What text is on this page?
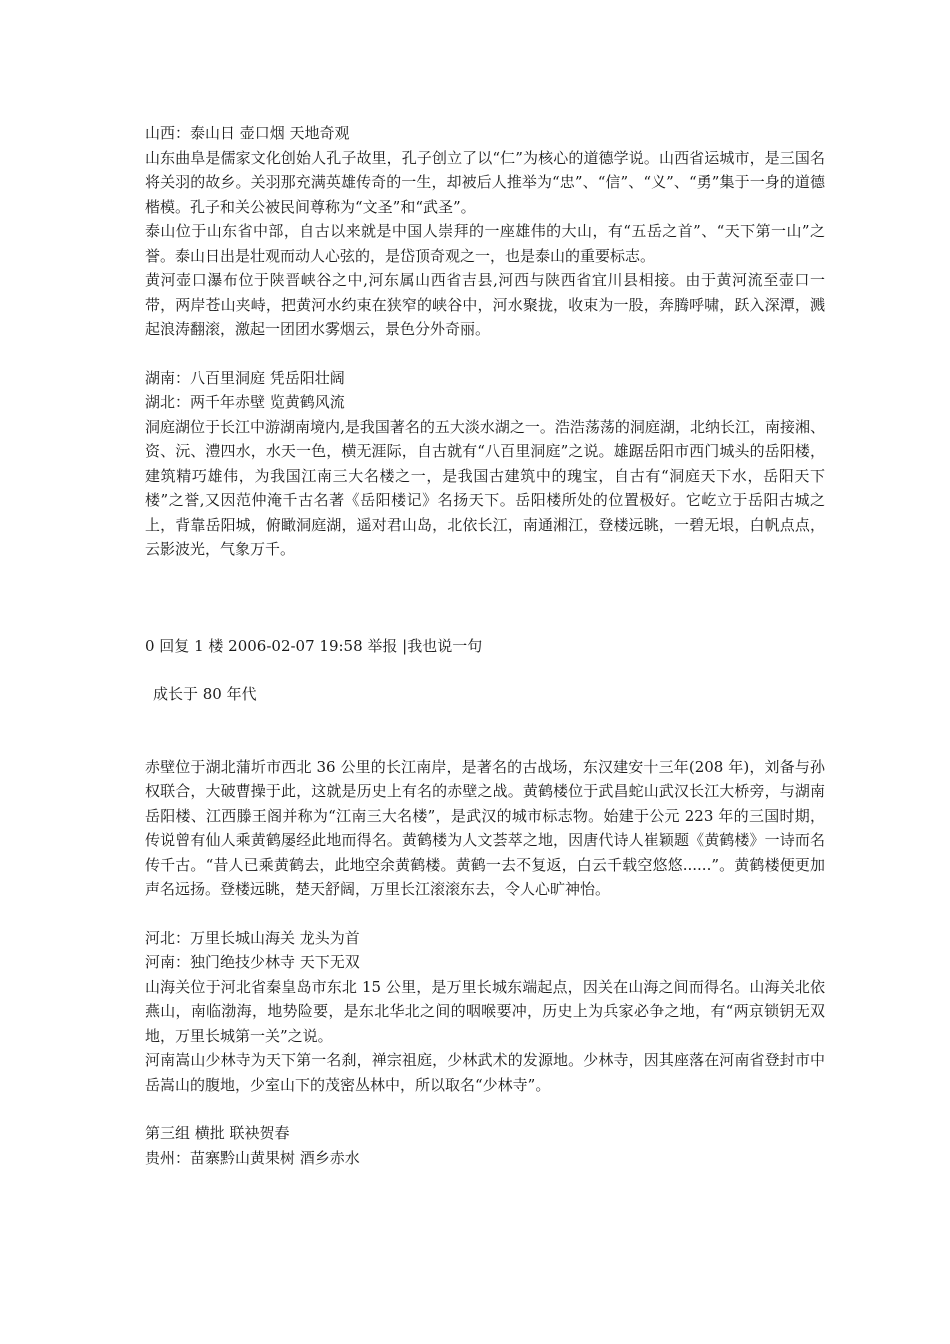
山西：泰山日 壶口烟 天地奇观

山东曲阜是儒家文化创始人孔子故里，孔子创立了以“仁”为核心的道德学说。山西省运城市，是三国名将关羽的故乡。关羽那充满英雄传奇的一生，却被后人推举为“忠”、“信”、“义”、“勇”集于一身的道德楷模。孔子和关公被民间尊称为“文圣”和“武圣”。

泰山位于山东省中部，自古以来就是中国人崇拜的一座雄伟的大山，有“五岳之首”、“天下第一山”之誉。泰山日出是壮观而动人心弦的，是岱顶奇观之一，也是泰山的重要标志。

黄河壶口瀑布位于陕晋峡谷之中,河东属山西省吉县,河西与陕西省宜川县相接。由于黄河流至壶口一带，两岸苍山夹峙，把黄河水约束在狭窄的峡谷中，河水聚拢，收束为一股，奔腾呼啸，跃入深潭，溅起浪涛翻滚，激起一团团水雾烟云，景色分外奇丽。

湖南：八百里洞庭 凭岳阳壮阔

湖北：两千年赤壁 览黄鹤风流

洞庭湖位于长江中游湖南境内,是我国著名的五大淡水湖之一。浩浩荡荡的洞庭湖，北纳长江，南接湘、资、沅、澧四水，水天一色，横无涯际，自古就有“八百里洞庭”之说。雄踞岳阳市西门城头的岳阳楼，建筑精巧雄伟，为我国江南三大名楼之一，是我国古建筑中的瑰宝，自古有“洞庭天下水，岳阳天下楼”之誉,又因范仲淹千古名著《岳阳楼记》名扬天下。岳阳楼所处的位置极好。它屹立于岳阳古城之上，背靠岳阳城，俯瞰洞庭湖，遥对君山岛，北依长江，南通湘江，登楼远眺，一碧无垠，白帆点点，云影波光，气象万千。

0 回复 1 楼 2006-02-07 19:58 举报 |我也说一句

成长于 80 年代

赤壁位于湖北蒲圻市西北 36 公里的长江南岸，是著名的古战场，东汉建安十三年(208 年)，刘备与孙权联合，大破曹操于此，这就是历史上有名的赤壁之战。黄鹤楼位于武昌蛇山武汉长江大桥旁，与湖南岳阳楼、江西滕王阁并称为“江南三大名楼”，是武汉的城市标志物。始建于公元 223 年的三国时期，传说曾有仙人乘黄鹤屡经此地而得名。黄鹤楼为人文荟萃之地，因唐代诗人崔颖题《黄鹤楼》一诗而名传千古。“昔人已乘黄鹤去，此地空余黄鹤楼。黄鹤一去不复返，白云千载空悠悠......”。黄鹤楼便更加声名远扬。登楼远眺，楚天舒阔，万里长江滚滚东去，令人心旷神怡。

河北：万里长城山海关 龙头为首

河南：独门绝技少林寺 天下无双

山海关位于河北省秦皇岛市东北 15 公里，是万里长城东端起点，因关在山海之间而得名。山海关北依燕山，南临渤海，地势险要，是东北华北之间的咽喉要冲，历史上为兵家必争之地，有“两京锁钥无双地，万里长城第一关”之说。

河南嵩山少林寺为天下第一名刹，禅宗祖庭，少林武术的发源地。少林寺，因其座落在河南省登封市中岳嵩山的腹地，少室山下的茂密丛林中，所以取名“少林寺”。

第三组 横批 联袂贺春

贵州：苗寨黔山黄果树 酒乡赤水
